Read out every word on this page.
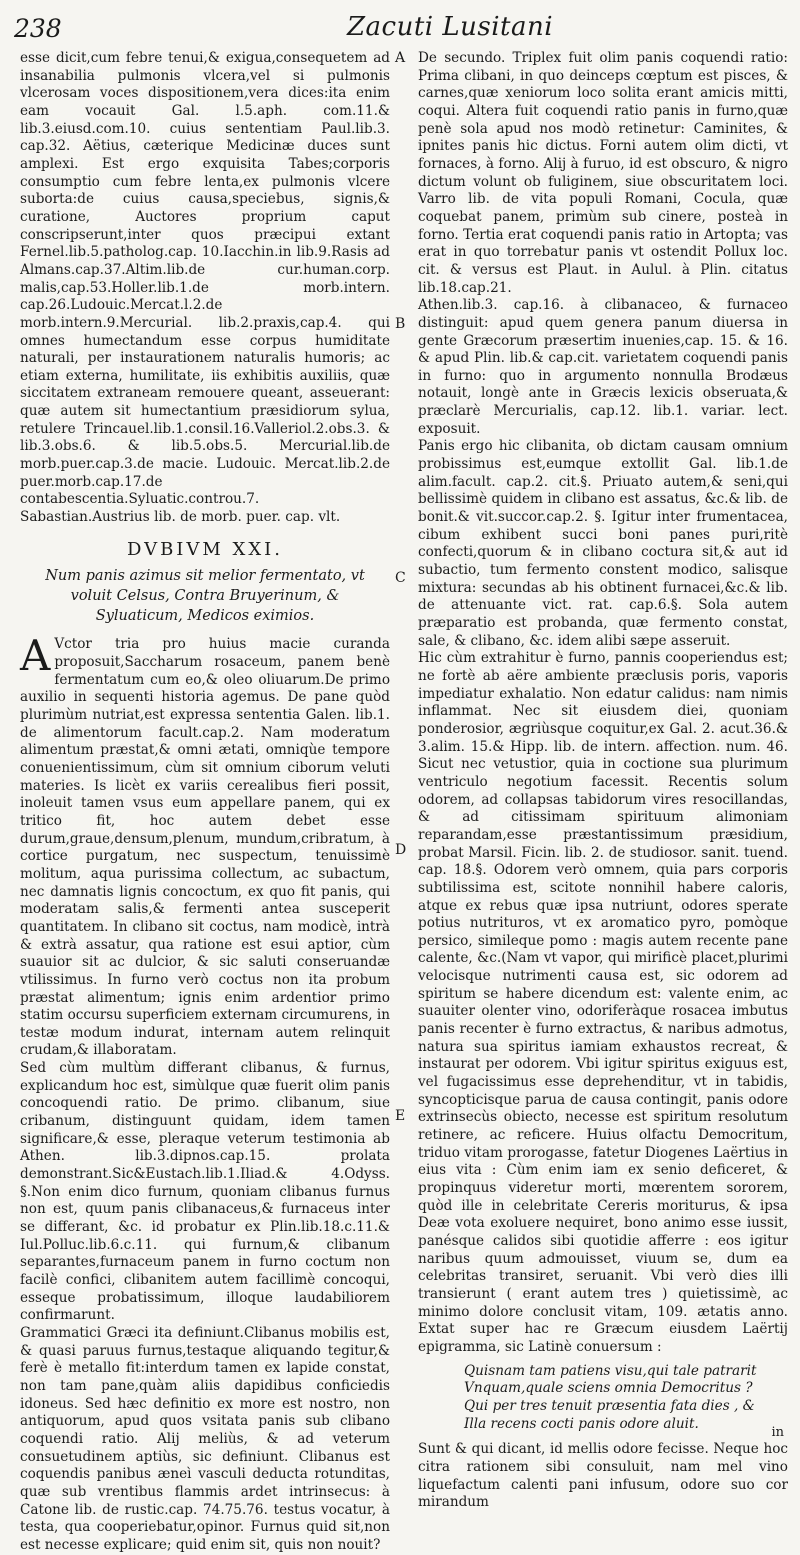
238	Zacuti Lusitani
A
B
C
D
E

esse dicit,cum febre tenui,& exigua,consequetem ad insanabilia pulmonis vlcera,vel si pulmonis vlcerosam voces dispositionem,vera dices:ita enim eam vocauit Gal. l.5.aph. com.11.& lib.3.eiusd.com.10. cuius sententiam Paul.lib.3. cap.32. Aëtius, cæterique Medicinæ duces sunt amplexi. Est ergo exquisita Tabes;corporis consumptio cum febre lenta,ex pulmonis vlcere suborta:de cuius causa,speciebus, signis,& curatione, Auctores proprium caput conscripserunt,inter quos præcipui extant Fernel.lib.5.patholog.cap. 10.Iacchin.in lib.9.Rasis ad Almans.cap.37.Altim.lib.de cur.human.corp. malis,cap.53.Holler.lib.1.de morb.intern. cap.26.Ludouic.Mercat.l.2.de morb.intern.9.Mercurial. lib.2.praxis,cap.4. qui omnes humectandum esse corpus humiditate naturali, per instaurationem naturalis humoris; ac etiam externa, humilitate, iis exhibitis auxiliis, quæ siccitatem extraneam remouere queant, asseuerant: quæ autem sit humectantium præsidiorum sylua, retulere Trincauel.lib.1.consil.16.Valleriol.2.obs.3. & lib.3.obs.6. & lib.5.obs.5. Mercurial.lib.de morb.puer.cap.3.de macie. Ludouic. Mercat.lib.2.de puer.morb.cap.17.de contabescentia.Syluatic.controu.7. Sabastian.Austrius lib. de morb. puer. cap. vlt.

DVBIVM XXI.
Num panis azimus sit melior fermentato, vt voluit Celsus, Contra Bruyerinum, & Syluaticum, Medicos eximios.

A Vctor tria pro huius macie curanda proposuit,Saccharum rosaceum, panem benè fermentatum cum eo,& oleo oliuarum.De primo auxilio in sequenti historia agemus. De pane quòd plurimùm nutriat,est expressa sententia Galen. lib.1. de alimentorum facult.cap.2. Nam moderatum alimentum præstat,& omni ætati, omniqùe tempore conuenientissimum, cùm sit omnium ciborum veluti materies. Is licèt ex variis cerealibus fieri possit, inoleuit tamen vsus eum appellare panem, qui ex tritico fit, hoc autem debet esse durum,graue,densum,plenum, mundum,cribratum, à cortice purgatum, nec suspectum, tenuissimè molitum, aqua purissima collectum, ac subactum, nec damnatis lignis concoctum, ex quo fit panis, qui moderatam salis,& fermenti antea susceperit quantitatem. In clibano sit coctus, nam modicè, intrà & extrà assatur, qua ratione est esui aptior, cùm suauior sit ac dulcior, & sic saluti conseruandæ vtilissimus. In furno verò coctus non ita probum præstat alimentum; ignis enim ardentior primo statim occursu superficiem externam circumurens, in testæ modum indurat, internam autem relinquit crudam,& illaboratam.

Sed cùm multùm differant clibanus, & furnus, explicandum hoc est, simùlque quæ fuerit olim panis concoquendi ratio. De primo. clibanum, siue cribanum, distinguunt quidam, idem tamen significare,& esse, pleraque veterum testimonia ab Athen. lib.3.dipnos.cap.15. prolata demonstrant.Sic&Eustach.lib.1.Iliad.& 4.Odyss. §.Non enim dico furnum, quoniam clibanus furnus non est, quum panis clibanaceus,& furnaceus inter se differant, &c. id probatur ex Plin.lib.18.c.11.& Iul.Polluc.lib.6.c.11. qui furnum,& clibanum separantes,furnaceum panem in furno coctum non facilè confici, clibanitem autem facillimè concoqui, esseque probatissimum, illoque laudabiliorem confirmarunt.

Grammatici Græci ita definiunt.Clibanus mobilis est, & quasi paruus furnus,testaque aliquando tegitur,& ferè è metallo fit:interdum tamen ex lapide constat, non tam pane,quàm aliis dapidibus conficiedis idoneus. Sed hæc definitio ex more est nostro, non antiquorum, apud quos vsitata panis sub clibano coquendi ratio. Alij meliùs, & ad veterum consuetudinem aptiùs, sic definiunt. Clibanus est coquendis panibus æneì vasculi deducta rotunditas, quæ sub vrentibus flammis ardet intrinsecus: à Catone lib. de rustic.cap. 74.75.76. testus vocatur, à testa, qua cooperiebatur,opinor. Furnus quid sit,non est necesse explicare; quid enim sit, quis non nouit?

De secundo. Triplex fuit olim panis coquendi ratio: Prima clibani, in quo deinceps cœptum est pisces, & carnes,quæ xeniorum loco solita erant amicis mitti, coqui. Altera fuit coquendi ratio panis in furno,quæ penè sola apud nos modò retinetur: Caminites, & ipnites panis hic dictus. Forni autem olim dicti, vt fornaces, à forno. Alij à furuo, id est obscuro, & nigro dictum volunt ob fuliginem, siue obscuritatem loci. Varro lib. de vita populi Romani, Cocula, quæ coquebat panem, primùm sub cinere, posteà in forno. Tertia erat coquendi panis ratio in Artopta; vas erat in quo torrebatur panis vt ostendit Pollux loc. cit. & versus est Plaut. in Aulul. à Plin. citatus lib.18.cap.21.

Athen.lib.3. cap.16. à clibanaceo, & furnaceo distinguit: apud quem genera panum diuersa in gente Græcorum præsertim inuenies,cap. 15. & 16. & apud Plin. lib.& cap.cit. varietatem coquendi panis in furno: quo in argumento nonnulla Brodæus notauit, longè ante in Græcis lexicis obseruata,& præclarè Mercurialis, cap.12. lib.1. variar. lect. exposuit.

Panis ergo hic clibanita, ob dictam causam omnium probissimus est,eumque extollit Gal. lib.1.de alim.facult. cap.2. cit.§. Priuato autem,& seni,qui bellissimè quidem in clibano est assatus, &c.& lib. de bonit.& vit.succor.cap.2. §. Igitur inter frumentacea, cibum exhibent succi boni panes puri,ritè confecti,quorum & in clibano coctura sit,& aut id subactio, tum fermento constent modico, salisque mixtura: secundas ab his obtinent furnacei,&c.& lib. de attenuante vict. rat. cap.6.§. Sola autem præparatio est probanda, quæ fermento constat, sale, & clibano, &c. idem alibi sæpe asseruit.

Hic cùm extrahitur è furno, pannis cooperiendus est; ne fortè ab aëre ambiente præclusis poris, vaporis impediatur exhalatio. Non edatur calidus: nam nimis inflammat. Nec sit eiusdem diei, quoniam ponderosior, ægriùsque coquitur,ex Gal. 2. acut.36.& 3.alim. 15.& Hipp. lib. de intern. affection. num. 46. Sicut nec vetustior, quia in coctione sua plurimum ventriculo negotium facessit. Recentis solum odorem, ad collapsas tabidorum vires resocillandas, & ad citissimam spirituum alimoniam reparandam,esse præstantissimum præsidium, probat Marsil. Ficin. lib. 2. de studiosor. sanit. tuend. cap. 18.§. Odorem verò omnem, quia pars corporis subtilissima est, scitote nonnihil habere caloris, atque ex rebus quæ ipsa nutriunt, odores sperate potius nutrituros, vt ex aromatico pyro, pomòque persico, simileque pomo : magis autem recente pane calente, &c.(Nam vt vapor, qui mirificè placet,plurimi velocisque nutrimenti causa est, sic odorem ad spiritum se habere dicendum est: valente enim, ac suauiter olenter vino, odoriferàque rosacea imbutus panis recenter è furno extractus, & naribus admotus, natura sua spiritus iamiam exhaustos recreat, & instaurat per odorem. Vbi igitur spiritus exiguus est, vel fugacissimus esse deprehenditur, vt in tabidis, syncopticisque parua de causa contingit, panis odore extrinsecùs obiecto, necesse est spiritum resolutum retinere, ac reficere. Huius olfactu Democritum, triduo vitam prorogasse, fatetur Diogenes Laërtius in eius vita : Cùm enim iam ex senio deficeret, & propinquus videretur morti, mœrentem sororem, quòd ille in celebritate Cereris moriturus, & ipsa Deæ vota exoluere nequiret, bono animo esse iussit, panésque calidos sibi quotidie afferre : eos igitur naribus quum admouisset, viuum se, dum ea celebritas transiret, seruanit. Vbi verò dies illi transierunt ( erant autem tres ) quietissimè, ac minimo dolore conclusit vitam, 109. ætatis anno. Extat super hac re Græcum eiusdem Laërtij epigramma, sic Latinè conuersum :

Quisnam tam patiens visu,qui tale patrarit
Vnquam,quale sciens omnia Democritus ?
Qui per tres tenuit præsentia fata dies , &
Illa recens cocti panis odore aluit.

Sunt & qui dicant, id mellis odore fecisse. Neque hoc citra rationem sibi consuluit, nam mel vino liquefactum calenti pani infusum, odore suo cor mirandum

in
